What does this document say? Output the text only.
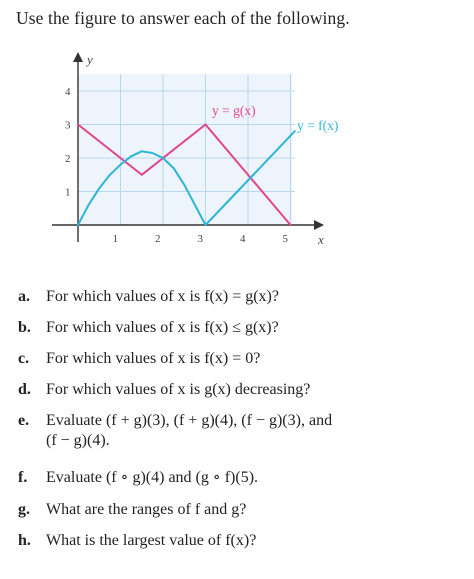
Use the figure to answer each of the following.
1	2	3	4	5
1
2
3
4
x
y
y = g(x)
y = f(x)
a. For which values of x is f(x) = g(x)?
b. For which values of x is f(x) ≤ g(x)?
c. For which values of x is f(x) = 0?
d. For which values of x is g(x) decreasing?
e. Evaluate (f + g)(3), (f + g)(4), (f − g)(3), and
(f − g)(4).
f. Evaluate (f ∘ g)(4) and (g ∘ f)(5).
g. What are the ranges of f and g?
h. What is the largest value of f(x)?
